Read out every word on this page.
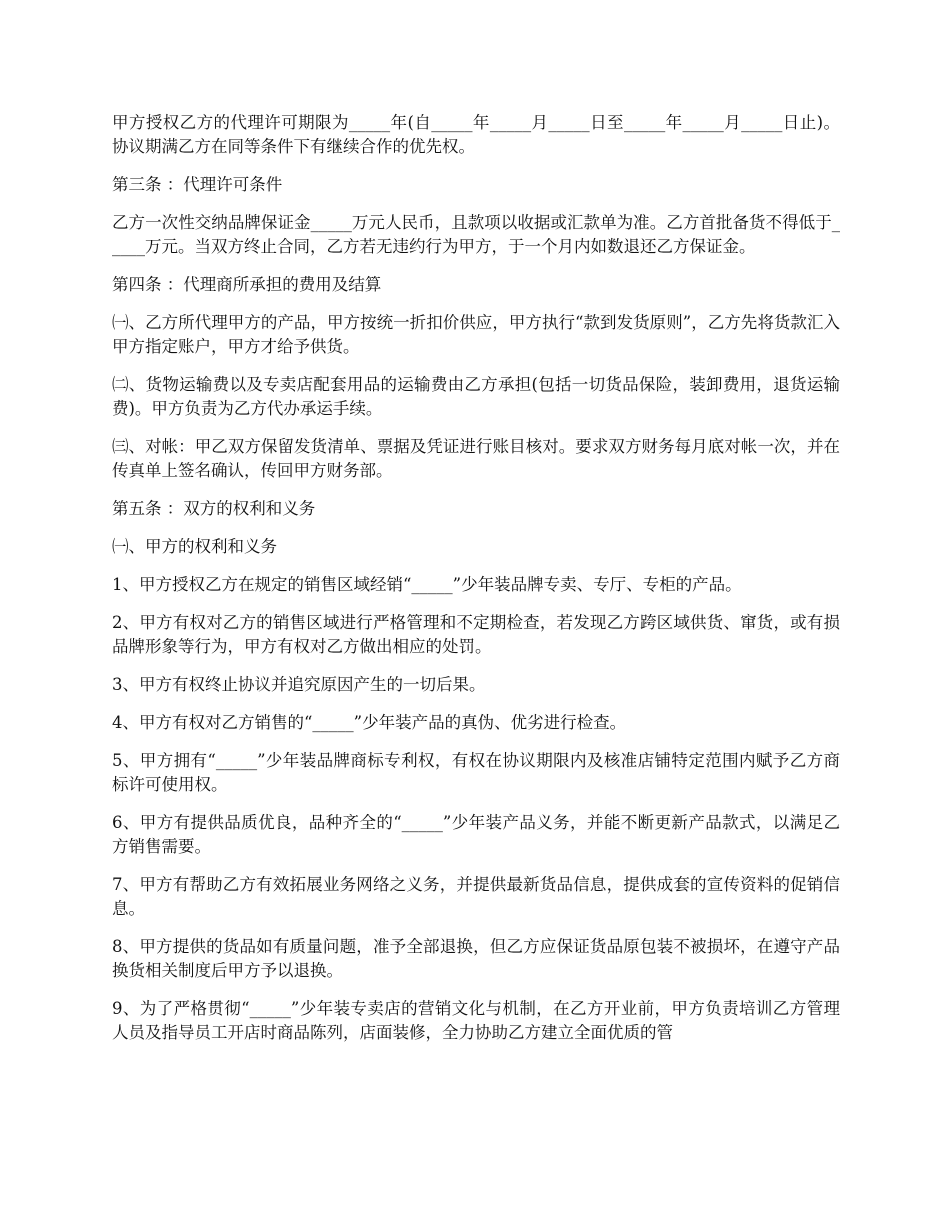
甲方授权乙方的代理许可期限为_____年(自_____年_____月_____日至_____年_____月_____日止)。协议期满乙方在同等条件下有继续合作的优先权。

第三条 ：代理许可条件

乙方一次性交纳品牌保证金_____万元人民币，且款项以收据或汇款单为准。乙方首批备货不得低于_____万元。当双方终止合同，乙方若无违约行为甲方，于一个月内如数退还乙方保证金。

第四条 ：代理商所承担的费用及结算

㈠、乙方所代理甲方的产品，甲方按统一折扣价供应，甲方执行“款到发货原则”，乙方先将货款汇入甲方指定账户，甲方才给予供货。

㈡、货物运输费以及专卖店配套用品的运输费由乙方承担(包括一切货品保险，装卸费用，退货运输费)。甲方负责为乙方代办承运手续。

㈢、对帐：甲乙双方保留发货清单、票据及凭证进行账目核对。要求双方财务每月底对帐一次，并在传真单上签名确认，传回甲方财务部。

第五条 ：双方的权利和义务

㈠、甲方的权利和义务

1、甲方授权乙方在规定的销售区域经销“_____”少年装品牌专卖、专厅、专柜的产品。

2、甲方有权对乙方的销售区域进行严格管理和不定期检查，若发现乙方跨区域供货、窜货，或有损品牌形象等行为，甲方有权对乙方做出相应的处罚。

3、甲方有权终止协议并追究原因产生的一切后果。

4、甲方有权对乙方销售的“_____”少年装产品的真伪、优劣进行检查。

5、甲方拥有“_____”少年装品牌商标专利权，有权在协议期限内及核准店铺特定范围内赋予乙方商标许可使用权。

6、甲方有提供品质优良，品种齐全的“_____”少年装产品义务，并能不断更新产品款式，以满足乙方销售需要。

7、甲方有帮助乙方有效拓展业务网络之义务，并提供最新货品信息，提供成套的宣传资料的促销信息。

8、甲方提供的货品如有质量问题，准予全部退换，但乙方应保证货品原包装不被损坏，在遵守产品换货相关制度后甲方予以退换。

9、为了严格贯彻“_____”少年装专卖店的营销文化与机制，在乙方开业前，甲方负责培训乙方管理人员及指导员工开店时商品陈列，店面装修，全力协助乙方建立全面优质的管
